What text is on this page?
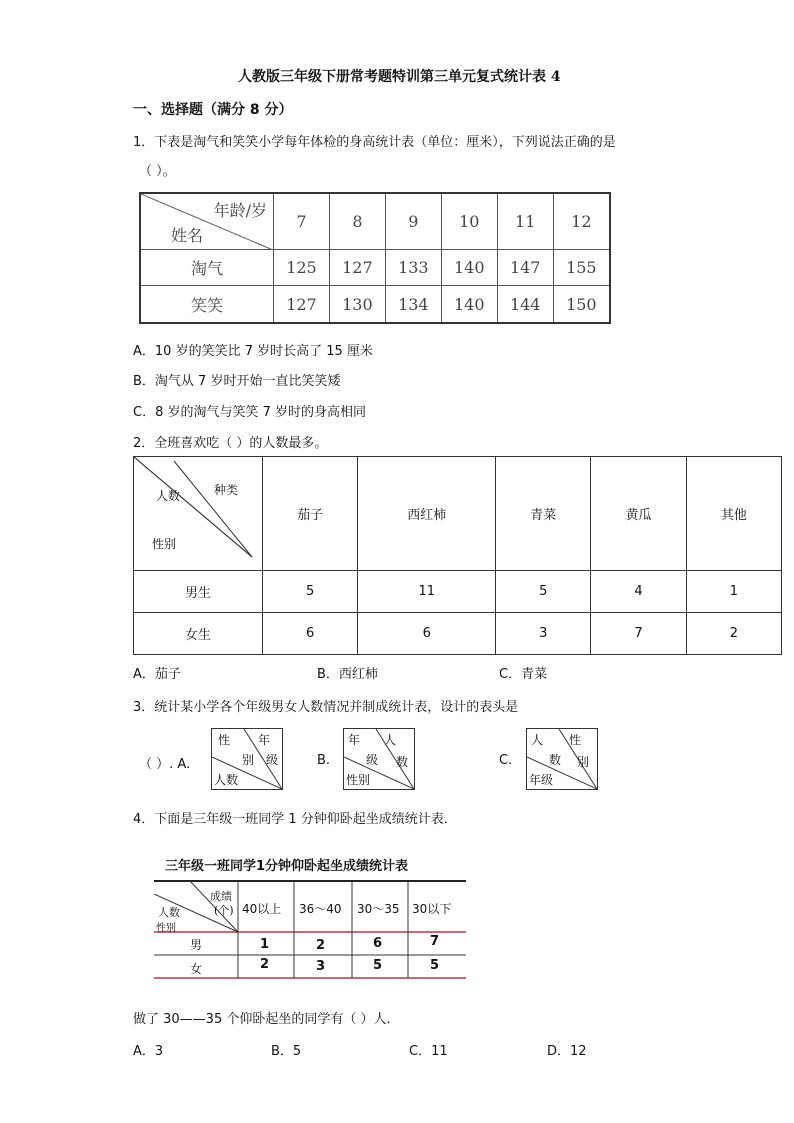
人教版三年级下册常考题特训第三单元复式统计表 4
一、选择题（满分 8 分）
1．下表是淘气和笑笑小学每年体检的身高统计表（单位：厘米），下列说法正确的是
（ ）。
年龄/岁
姓名	7	8	9	10	11	12
淘气	125	127	133	140	147	155
笑笑	127	130	134	140	144	150
A．10 岁的笑笑比 7 岁时长高了 15 厘米
B．淘气从 7 岁时开始一直比笑笑矮
C．8 岁的淘气与笑笑 7 岁时的身高相同
2．全班喜欢吃（ ）的人数最多。
种类
人数
性别	茄子	西红柿	青菜	黄瓜	其他
男生	5	11	5	4	1
女生	6	6	3	7	2
A．茄子	B．西红柿	C．青菜
3．统计某小学各个年级男女人数情况并制成统计表，设计的表头是
（ ）. A.
性 年
别 级
人数
B.
年 人
级 数
性别
C.
人 性
数 别
年级
4．下面是三年级一班同学 1 分钟仰卧起坐成绩统计表．
三年级一班同学1分钟仰卧起坐成绩统计表
成绩
(个)
人数
性别
40以上 36～40 30～35 30以下
男	1	2	6	7
女	2	3	5	5
做了 30——35 个仰卧起坐的同学有（ ）人．
A．3	B．5	C．11	D．12
